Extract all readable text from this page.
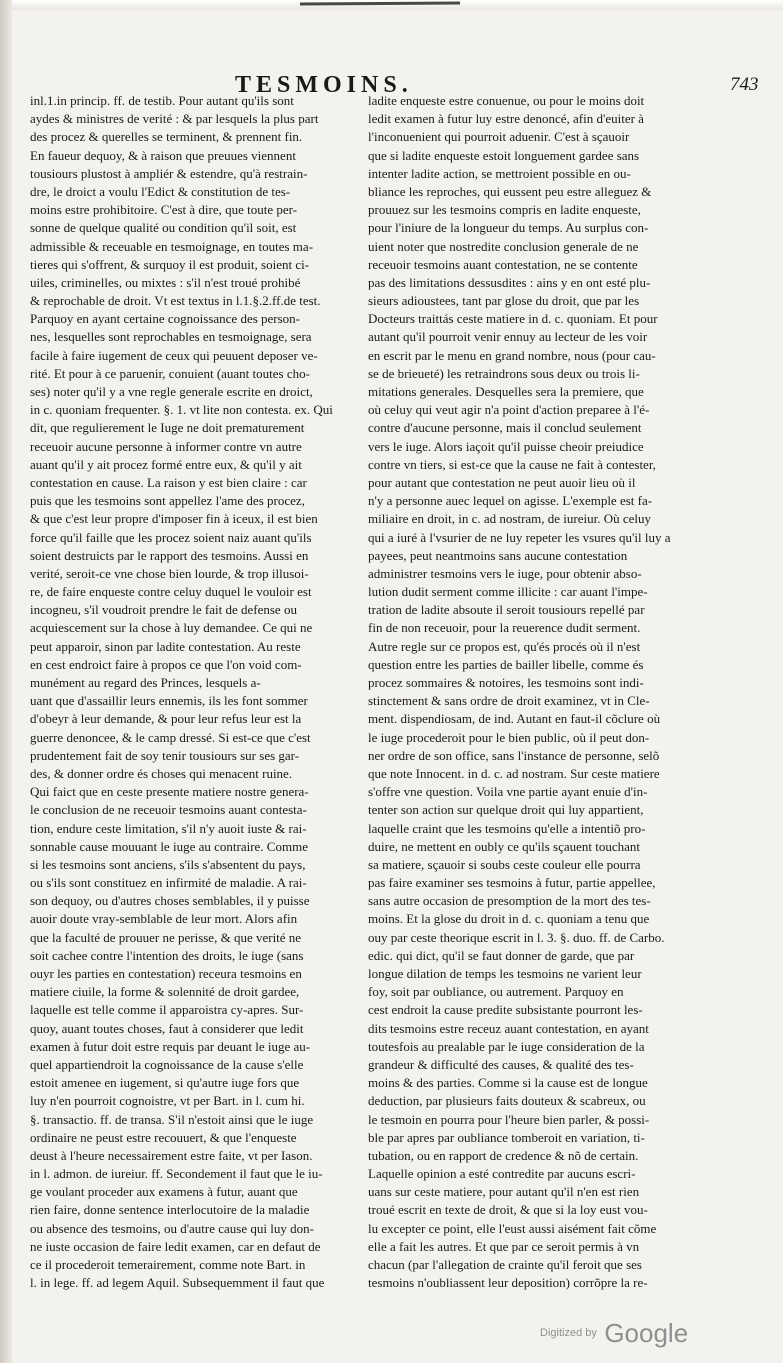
TESMOINS.	743
inl.1.in princip. ff. de testib. Pour autant qu'ils sont
aydes & ministres de verité : & par lesquels la plus part
des procez & querelles se terminent, & prennent fin.
En faueur dequoy, & à raison que preuues viennent
tousiours plustost à ampliér & estendre, qu'à restrain-
dre, le droict a voulu l'Edict & constitution de tes-
moins estre prohibitoire. C'est à dire, que toute per-
sonne de quelque qualité ou condition qu'il soit, est
admissible & receuable en tesmoignage, en toutes ma-
tieres qui s'offrent, & surquoy il est produit, soient ci-
uiles, criminelles, ou mixtes : s'il n'est troué prohibé
& reprochable de droit. Vt est textus in l.1.§.2.ff.de test.
Parquoy en ayant certaine cognoissance des person-
nes, lesquelles sont reprochables en tesmoignage, sera
facile à faire iugement de ceux qui peuuent deposer ve-
rité. Et pour à ce paruenir, conuient (auant toutes cho-
ses) noter qu'il y a vne regle generale escrite en droict,
in c. quoniam frequenter. §. 1. vt lite non contesta. ex. Qui
dit, que regulierement le Iuge ne doit prematurement
receuoir aucune personne à informer contre vn autre
auant qu'il y ait procez formé entre eux, & qu'il y ait
contestation en cause. La raison y est bien claire : car
puis que les tesmoins sont appellez l'ame des procez,
& que c'est leur propre d'imposer fin à iceux, il est bien
force qu'il faille que les procez soient naiz auant qu'ils
soient destruicts par le rapport des tesmoins. Aussi en
verité, seroit-ce vne chose bien lourde, & trop illusoi-
re, de faire enqueste contre celuy duquel le vouloir est
incogneu, s'il voudroit prendre le fait de defense ou
acquiescement sur la chose à luy demandee. Ce qui ne
peut apparoir, sinon par ladite contestation. Au reste
en cest endroict faire à propos ce que l'on void com-
munément au regard des Princes, lesquels a-
uant que d'assaillir leurs ennemis, ils les font sommer
d'obeyr à leur demande, & pour leur refus leur est la
guerre denoncee, & le camp dressé. Si est-ce que c'est
prudentement fait de soy tenir tousiours sur ses gar-
des, & donner ordre és choses qui menacent ruine.
Qui faict que en ceste presente matiere nostre genera-
le conclusion de ne receuoir tesmoins auant contesta-
tion, endure ceste limitation, s'il n'y auoit iuste & rai-
sonnable cause mouuant le iuge au contraire. Comme
si les tesmoins sont anciens, s'ils s'absentent du pays,
ou s'ils sont constituez en infirmité de maladie. A rai-
son dequoy, ou d'autres choses semblables, il y puisse
auoir doute vray-semblable de leur mort. Alors afin
que la faculté de prouuer ne perisse, & que verité ne
soit cachee contre l'intention des droits, le iuge (sans
ouyr les parties en contestation) receura tesmoins en
matiere ciuile, la forme & solennité de droit gardee,
laquelle est telle comme il apparoistra cy-apres. Sur-
quoy, auant toutes choses, faut à considerer que ledit
examen à futur doit estre requis par deuant le iuge au-
quel appartiendroit la cognoissance de la cause s'elle
estoit amenee en iugement, si qu'autre iuge fors que
luy n'en pourroit cognoistre, vt per Bart. in l. cum hi.
§. transactio. ff. de transa. S'il n'estoit ainsi que le iuge
ordinaire ne peust estre recouuert, & que l'enqueste
deust à l'heure necessairement estre faite, vt per Iason.
in l. admon. de iureiur. ff. Secondement il faut que le iu-
ge voulant proceder aux examens à futur, auant que
rien faire, donne sentence interlocutoire de la maladie
ou absence des tesmoins, ou d'autre cause qui luy don-
ne iuste occasion de faire ledit examen, car en defaut de
ce il procederoit temerairement, comme note Bart. in
l. in lege. ff. ad legem Aquil. Subsequemment il faut que
ladite enqueste estre conuenue, ou pour le moins doit
ledit examen à futur luy estre denoncé, afin d'euiter à
l'inconuenient qui pourroit aduenir. C'est à sçauoir
que si ladite enqueste estoit longuement gardee sans
intenter ladite action, se mettroient possible en ou-
bliance les reproches, qui eussent peu estre alleguez &
prouuez sur les tesmoins compris en ladite enqueste,
pour l'iniure de la longueur du temps. Au surplus con-
uient noter que nostredite conclusion generale de ne
receuoir tesmoins auant contestation, ne se contente
pas des limitations dessusdites : ains y en ont esté plu-
sieurs adioustees, tant par glose du droit, que par les
Docteurs traittás ceste matiere in d. c. quoniam. Et pour
autant qu'il pourroit venir ennuy au lecteur de les voir
en escrit par le menu en grand nombre, nous (pour cau-
se de brieueté) les retraindrons sous deux ou trois li-
mitations generales. Desquelles sera la premiere, que
où celuy qui veut agir n'a point d'action preparee à l'é-
contre d'aucune personne, mais il conclud seulement
vers le iuge. Alors iaçoit qu'il puisse cheoir preiudice
contre vn tiers, si est-ce que la cause ne fait à contester,
pour autant que contestation ne peut auoir lieu où il
n'y a personne auec lequel on agisse. L'exemple est fa-
miliaire en droit, in c. ad nostram, de iureiur. Où celuy
qui a iuré à l'vsurier de ne luy repeter les vsures qu'il luy a
payees, peut neantmoins sans aucune contestation
administrer tesmoins vers le iuge, pour obtenir abso-
lution dudit serment comme illicite : car auant l'impe-
tration de ladite absoute il seroit tousiours repellé par
fin de non receuoir, pour la reuerence dudit serment.
Autre regle sur ce propos est, qu'és procés où il n'est
question entre les parties de bailler libelle, comme és
procez sommaires & notoires, les tesmoins sont indi-
stinctement & sans ordre de droit examinez, vt in Cle-
ment. dispendiosam, de ind. Autant en faut-il cõclure où
le iuge procederoit pour le bien public, où il peut don-
ner ordre de son office, sans l'instance de personne, selõ
que note Innocent. in d. c. ad nostram. Sur ceste matiere
s'offre vne question. Voila vne partie ayant enuie d'in-
tenter son action sur quelque droit qui luy appartient,
laquelle craint que les tesmoins qu'elle a intentiõ pro-
duire, ne mettent en oubly ce qu'ils sçauent touchant
sa matiere, sçauoir si soubs ceste couleur elle pourra
pas faire examiner ses tesmoins à futur, partie appellee,
sans autre occasion de presomption de la mort des tes-
moins. Et la glose du droit in d. c. quoniam a tenu que
ouy par ceste theorique escrit in l. 3. §. duo. ff. de Carbo.
edic. qui dict, qu'il se faut donner de garde, que par
longue dilation de temps les tesmoins ne varient leur
foy, soit par oubliance, ou autrement. Parquoy en
cest endroit la cause predite subsistante pourront les-
dits tesmoins estre receuz auant contestation, en ayant
toutesfois au prealable par le iuge consideration de la
grandeur & difficulté des causes, & qualité des tes-
moins & des parties. Comme si la cause est de longue
deduction, par plusieurs faits douteux & scabreux, ou
le tesmoin en pourra pour l'heure bien parler, & possi-
ble par apres par oubliance tomberoit en variation, ti-
tubation, ou en rapport de credence & nõ de certain.
Laquelle opinion a esté contredite par aucuns escri-
uans sur ceste matiere, pour autant qu'il n'en est rien
troué escrit en texte de droit, & que si la loy eust vou-
lu excepter ce point, elle l'eust aussi aisément fait cõme
elle a fait les autres. Et que par ce seroit permis à vn
chacun (par l'allegation de crainte qu'il feroit que ses
tesmoins n'oubliassent leur deposition) corrõpre la re-
$^{Digitized by}$ Google
